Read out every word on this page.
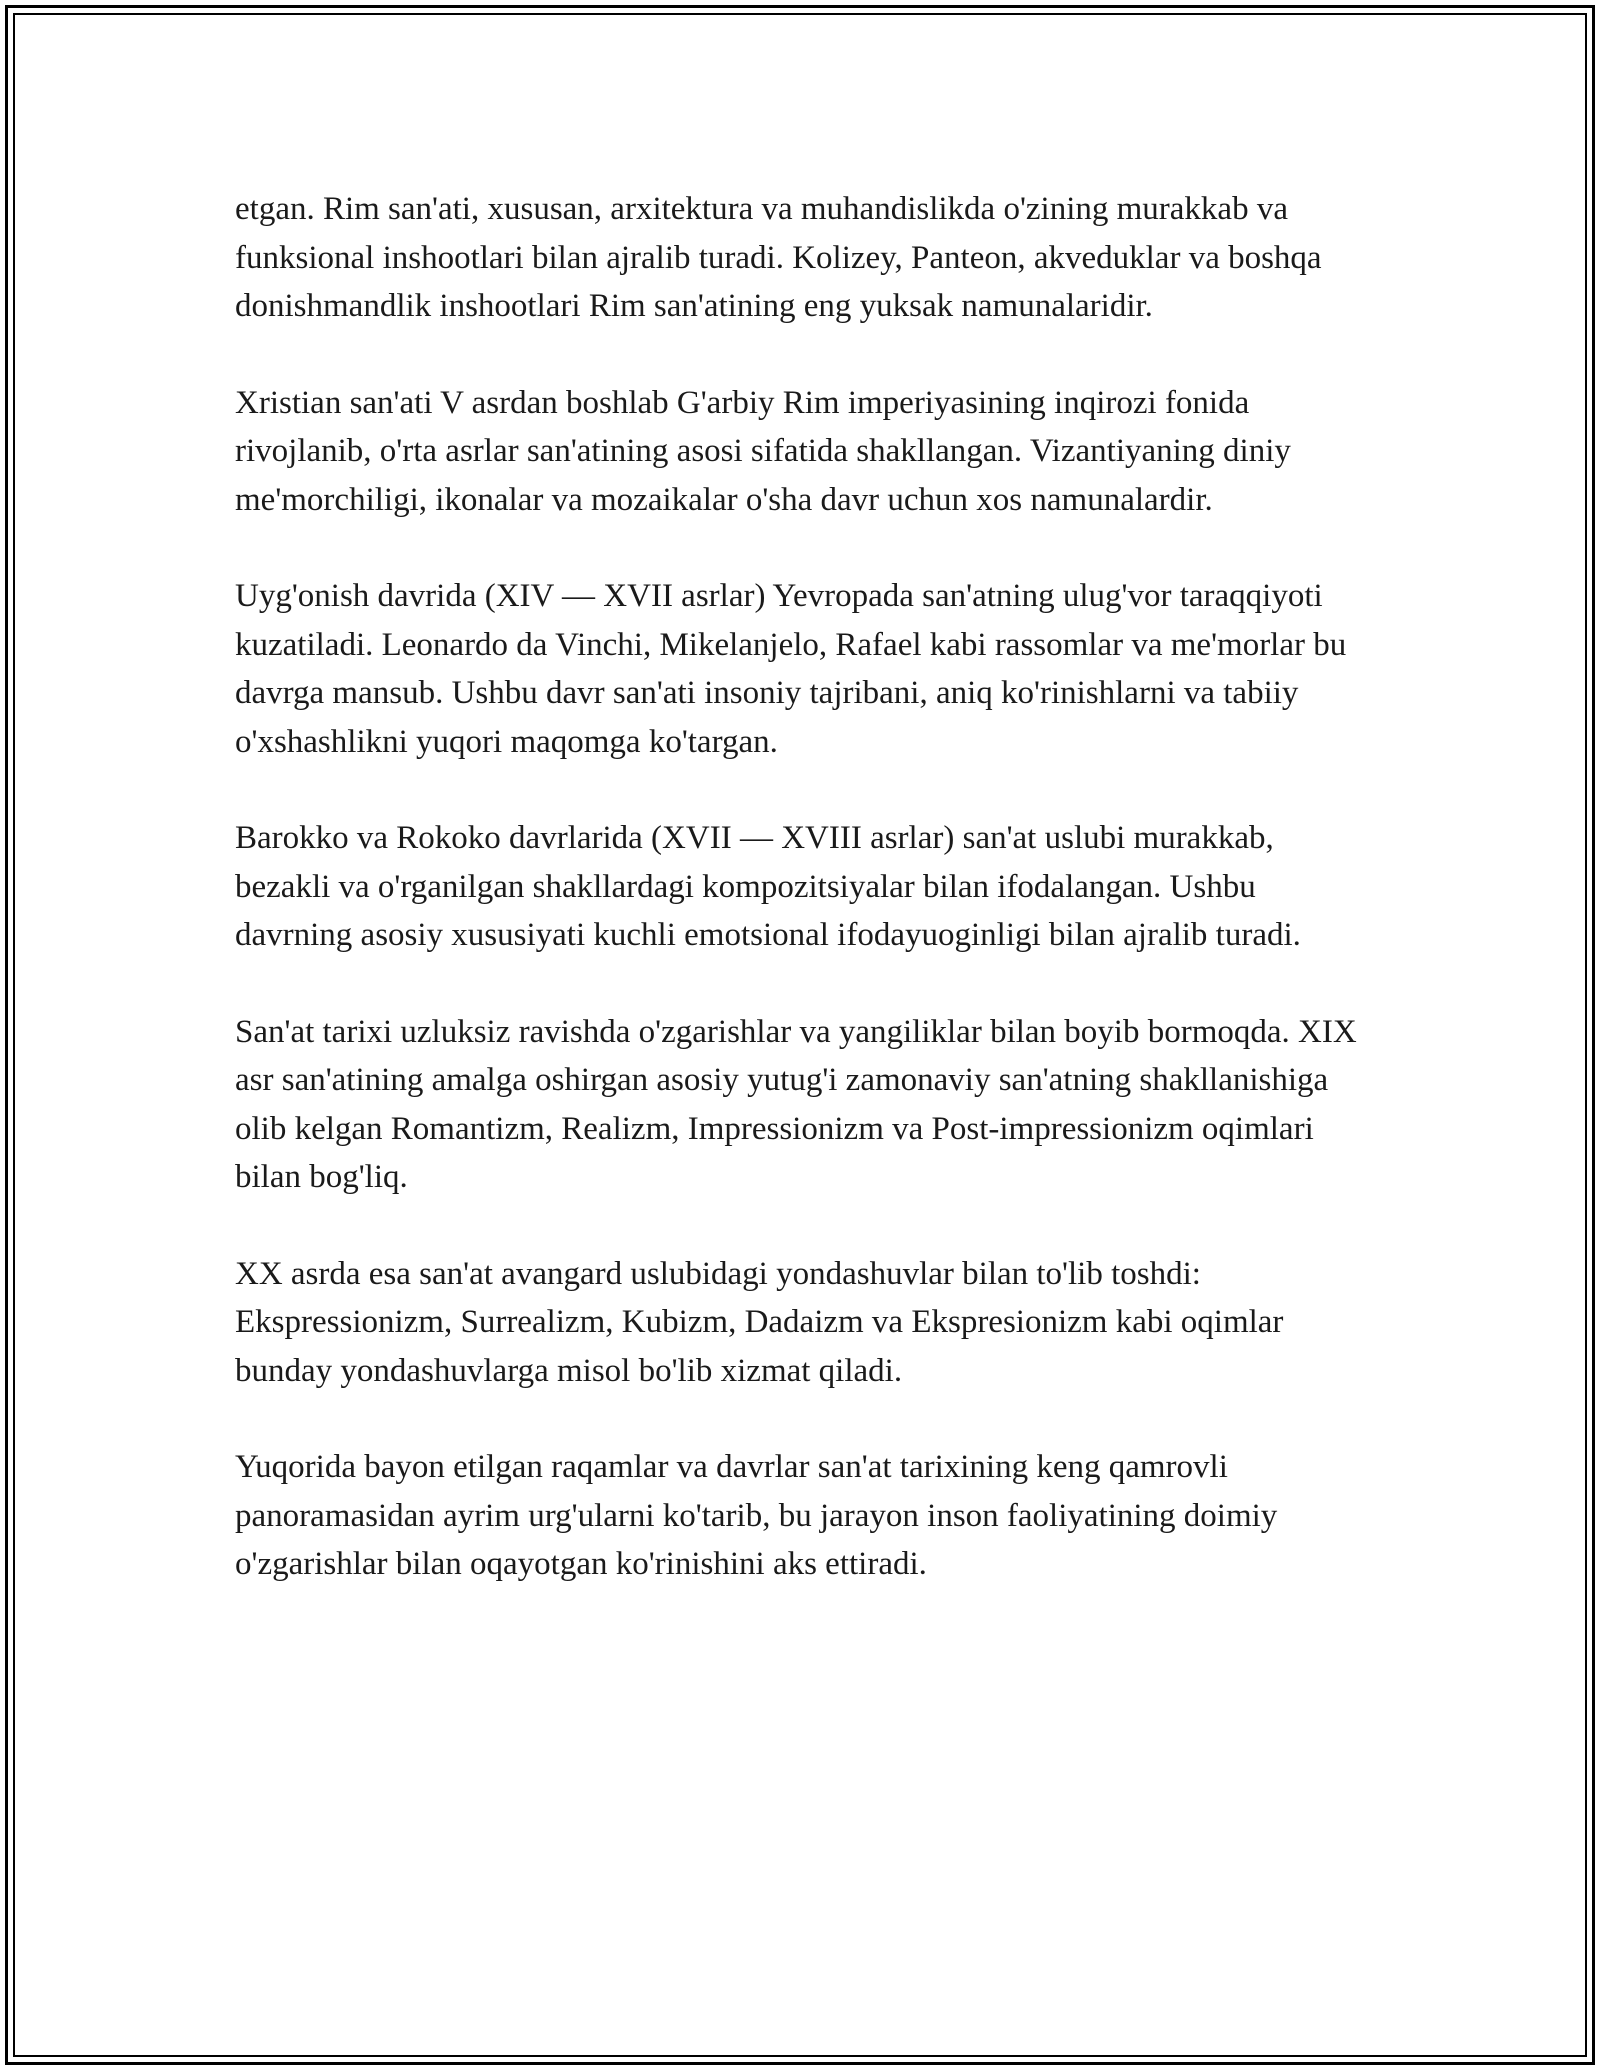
etgan. Rim san'ati, xususan, arxitektura va muhandislikda o'zining murakkab va funksional inshootlari bilan ajralib turadi. Kolizey, Panteon, akveduklar va boshqa donishmandlik inshootlari Rim san'atining eng yuksak namunalaridir.

Xristian san'ati V asrdan boshlab G'arbiy Rim imperiyasining inqirozi fonida rivojlanib, o'rta asrlar san'atining asosi sifatida shakllangan. Vizantiyaning diniy me'morchiligi, ikonalar va mozaikalar o'sha davr uchun xos namunalardir.

Uyg'onish davrida (XIV — XVII asrlar) Yevropada san'atning ulug'vor taraqqiyoti kuzatiladi. Leonardo da Vinchi, Mikelanjelo, Rafael kabi rassomlar va me'morlar bu davrga mansub. Ushbu davr san'ati insoniy tajribani, aniq ko'rinishlarni va tabiiy o'xshashlikni yuqori maqomga ko'targan.

Barokko va Rokoko davrlarida (XVII — XVIII asrlar) san'at uslubi murakkab, bezakli va o'rganilgan shakllardagi kompozitsiyalar bilan ifodalangan. Ushbu davrning asosiy xususiyati kuchli emotsional ifodayuoginligi bilan ajralib turadi.

San'at tarixi uzluksiz ravishda o'zgarishlar va yangiliklar bilan boyib bormoqda. XIX asr san'atining amalga oshirgan asosiy yutug'i zamonaviy san'atning shakllanishiga olib kelgan Romantizm, Realizm, Impressionizm va Post-impressionizm oqimlari bilan bog'liq.

XX asrda esa san'at avangard uslubidagi yondashuvlar bilan to'lib toshdi: Ekspressionizm, Surrealizm, Kubizm, Dadaizm va Ekspresionizm kabi oqimlar bunday yondashuvlarga misol bo'lib xizmat qiladi.

Yuqorida bayon etilgan raqamlar va davrlar san'at tarixining keng qamrovli panoramasidan ayrim urg'ularni ko'tarib, bu jarayon inson faoliyatining doimiy o'zgarishlar bilan oqayotgan ko'rinishini aks ettiradi.
